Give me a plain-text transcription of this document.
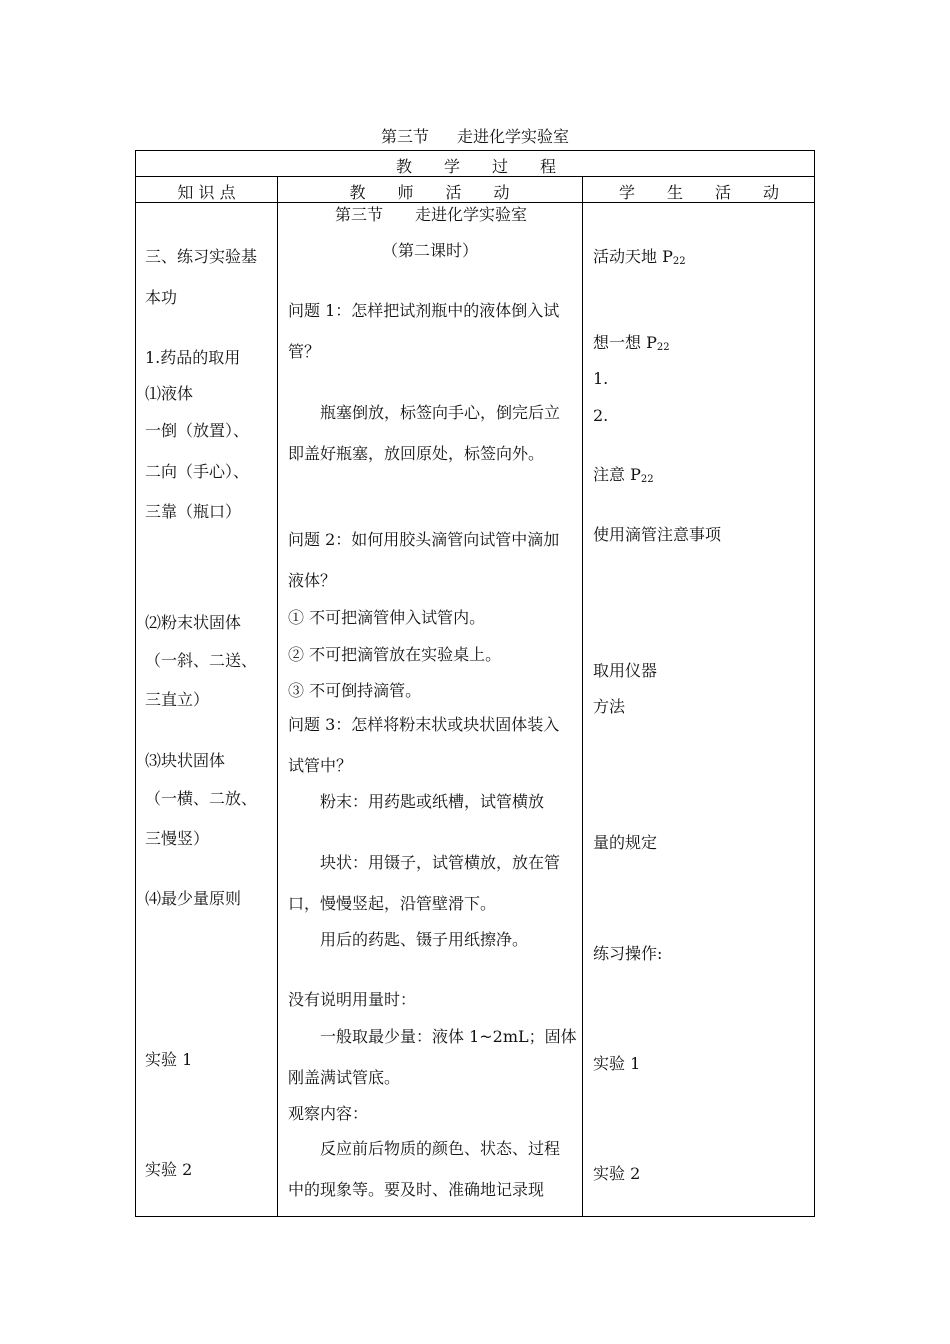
第三节 走进化学实验室
教　　学　　过　　程
知 识 点	教　　师　　活　　动	学　　生　　活　　动
三、练习实验基
本功
1.药品的取用
⑴液体
一倒（放置）、
二向（手心）、
三靠（瓶口）
⑵粉末状固体
（一斜、二送、
三直立）
⑶块状固体
（一横、二放、
三慢竖）
⑷最少量原则
实验 1
实验 2
第三节　　走进化学实验室
（第二课时）
问题 1：怎样把试剂瓶中的液体倒入试
管？
瓶塞倒放，标签向手心，倒完后立
即盖好瓶塞，放回原处，标签向外。
问题 2：如何用胶头滴管向试管中滴加
液体？
① 不可把滴管伸入试管内。
② 不可把滴管放在实验桌上。
③ 不可倒持滴管。
问题 3：怎样将粉末状或块状固体装入
试管中？
粉末：用药匙或纸槽，试管横放
块状：用镊子，试管横放，放在管
口，慢慢竖起，沿管壁滑下。
用后的药匙、镊子用纸擦净。
没有说明用量时：
一般取最少量：液体 1~2mL；固体
刚盖满试管底。
观察内容：
反应前后物质的颜色、状态、过程
中的现象等。要及时、准确地记录现
活动天地 $P_{22}$
想一想 $P_{22}$
1.
2.
注意 $P_{22}$
使用滴管注意事项
取用仪器
方法
量的规定
练习操作:
实验 1
实验 2
